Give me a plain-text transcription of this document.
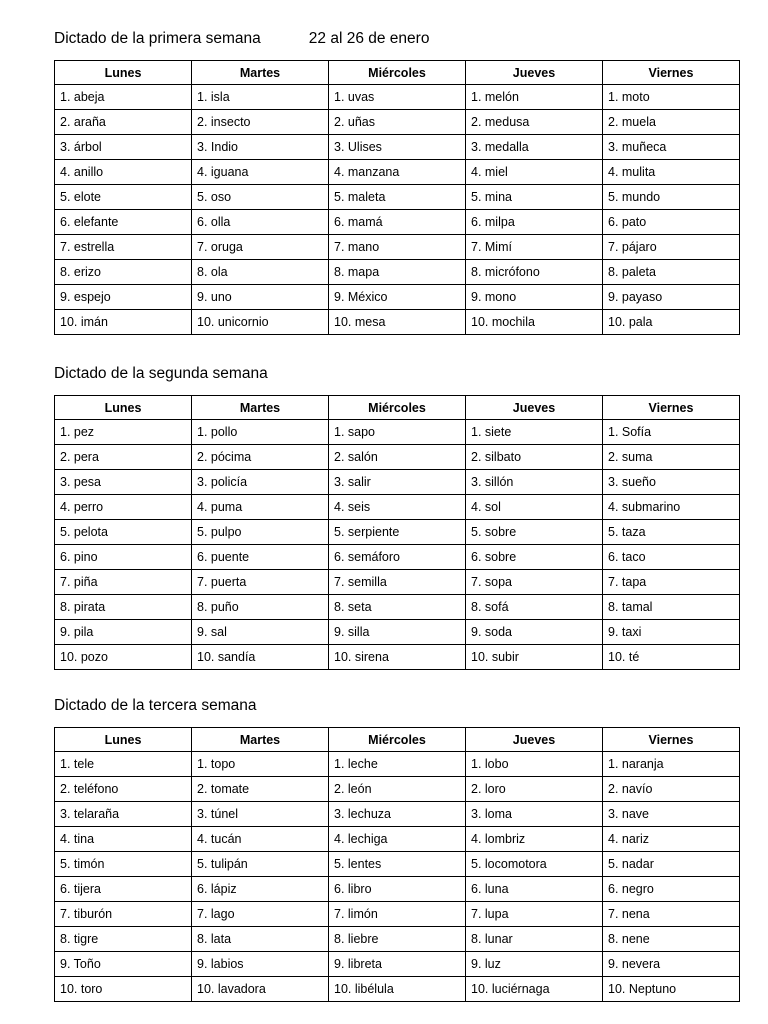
Dictado de la primera semana	22 al 26 de enero
Lunes	Martes	Miércoles	Jueves	Viernes
1. abeja	1. isla	1. uvas	1. melón	1. moto
2. araña	2. insecto	2. uñas	2. medusa	2. muela
3. árbol	3. Indio	3. Ulises	3. medalla	3. muñeca
4. anillo	4. iguana	4. manzana	4. miel	4. mulita
5. elote	5. oso	5. maleta	5. mina	5. mundo
6. elefante	6. olla	6. mamá	6. milpa	6. pato
7. estrella	7. oruga	7. mano	7. Mimí	7. pájaro
8. erizo	8. ola	8. mapa	8. micrófono	8. paleta
9. espejo	9. uno	9. México	9. mono	9. payaso
10. imán	10. unicornio	10. mesa	10. mochila	10. pala
Dictado de la segunda semana
Lunes	Martes	Miércoles	Jueves	Viernes
1. pez	1. pollo	1. sapo	1. siete	1. Sofía
2. pera	2. pócima	2. salón	2. silbato	2. suma
3. pesa	3. policía	3. salir	3. sillón	3. sueño
4. perro	4. puma	4. seis	4. sol	4. submarino
5. pelota	5. pulpo	5. serpiente	5. sobre	5. taza
6. pino	6. puente	6. semáforo	6. sobre	6. taco
7. piña	7. puerta	7. semilla	7. sopa	7. tapa
8. pirata	8. puño	8. seta	8. sofá	8. tamal
9. pila	9. sal	9. silla	9. soda	9. taxi
10. pozo	10. sandía	10. sirena	10. subir	10. té
Dictado de la tercera semana
Lunes	Martes	Miércoles	Jueves	Viernes
1. tele	1. topo	1. leche	1. lobo	1. naranja
2. teléfono	2. tomate	2. león	2. loro	2. navío
3. telaraña	3. túnel	3. lechuza	3. loma	3. nave
4. tina	4. tucán	4. lechiga	4. lombriz	4. nariz
5. timón	5. tulipán	5. lentes	5. locomotora	5. nadar
6. tijera	6. lápiz	6. libro	6. luna	6. negro
7. tiburón	7. lago	7. limón	7. lupa	7. nena
8. tigre	8. lata	8. liebre	8. lunar	8. nene
9. Toño	9. labios	9. libreta	9. luz	9. nevera
10. toro	10. lavadora	10. libélula	10. luciérnaga	10. Neptuno
